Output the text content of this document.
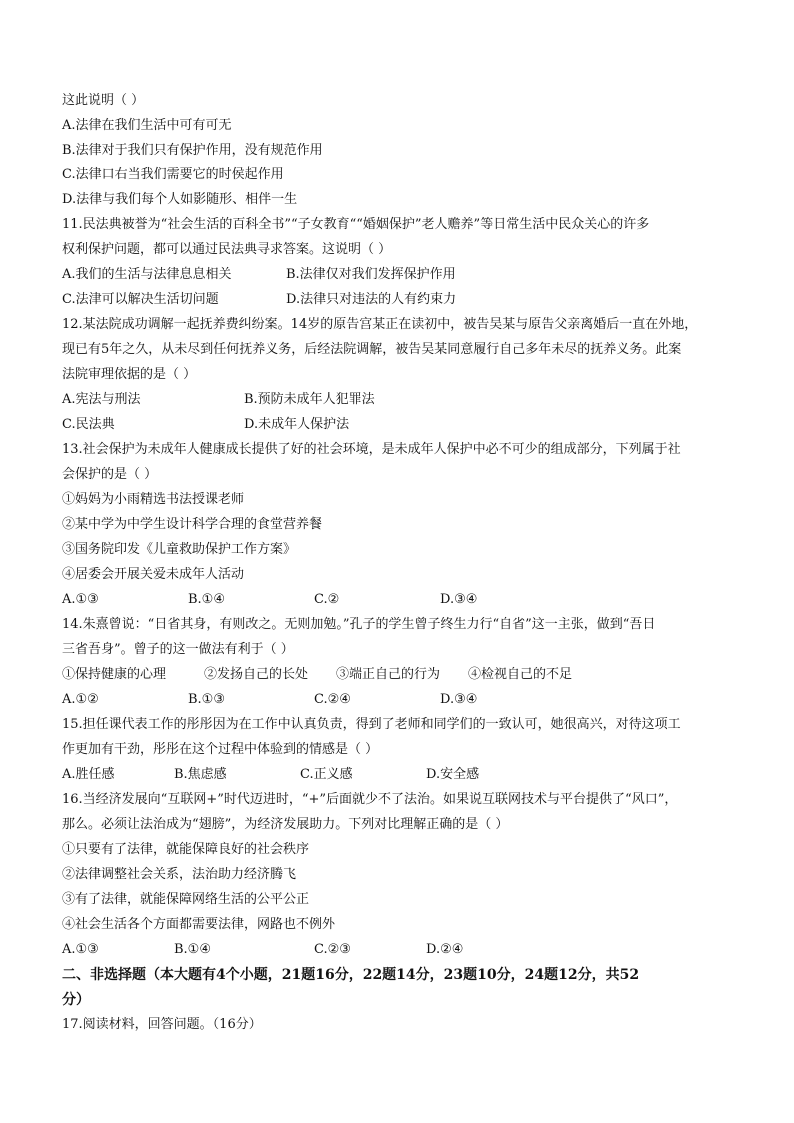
这此说明（ ）
A.法律在我们生活中可有可无
B.法律对于我们只有保护作用，没有规范作用
C.法律口右当我们需要它的时侯起作用
D.法律与我们每个人如影随形、相伴一生
11.民法典被誉为“社会生活的百科全书”“子女教育““婚姻保护”老人赡养”等日常生活中民众关心的许多
权利保护问题，都可以通过民法典寻求答案。这说明（ ）
A.我们的生活与法律息息相关	B.法律仅对我们发挥保护作用
C.法津可以解决生活切问题	D.法律只对违法的人有约束力
12.某法院成功调解一起抚养费纠纷案。14岁的原告宫某正在读初中，被告吴某与原告父亲离婚后一直在外地，
现已有5年之久，从未尽到任何抚养义务，后经法院调解，被告吴某同意履行自己多年未尽的抚养义务。此案
法院审理依据的是（ ）
A.宪法与刑法	B.预防未成年人犯罪法
C.民法典	D.未成年人保护法
13.社会保护为未成年人健康成长提供了好的社会环境，是未成年人保护中必不可少的组成部分，下列属于社
会保护的是（ ）
①妈妈为小雨精选书法授课老师
②某中学为中学生设计科学合理的食堂营养餐
③国务院印发《儿童救助保护工作方案》
④居委会开展关爱未成年人活动
A.①③	B.①④	C.②	D.③④
14.朱熹曾说：“日省其身，有则改之。无则加勉。”孔子的学生曾子终生力行“自省”这一主张，做到“吾日
三省吾身”。曾子的这一做法有利于（ ）
①保持健康的心理	②发扬自己的长处 ③端正自己的行为 ④检视自己的不足
A.①②	B.①③	C.②④	D.③④
15.担任课代表工作的彤彤因为在工作中认真负责，得到了老师和同学们的一致认可，她很高兴，对待这项工
作更加有干劲，彤彤在这个过程中体验到的情感是（ ）
A.胜任感	B.焦虑感	C.正义感	D.安全感
16.当经济发展向“互联网+”时代迈进时，“+”后面就少不了法治。如果说互联网技术与平台提供了“风口”，
那么。必须让法治成为“翅膀”，为经济发展助力。下列对比理解正确的是（ ）
①只要有了法律，就能保障良好的社会秩序
②法律调整社会关系，法治助力经济腾飞
③有了法律，就能保障网络生活的公平公正
④社会生活各个方面都需要法律，网路也不例外
A.①③	B.①④	C.②③	D.②④
二、非选择题（本大题有4个小题，21题16分，22题14分，23题10分，24题12分，共52
分）
17.阅读材料，回答问题。（16分）
